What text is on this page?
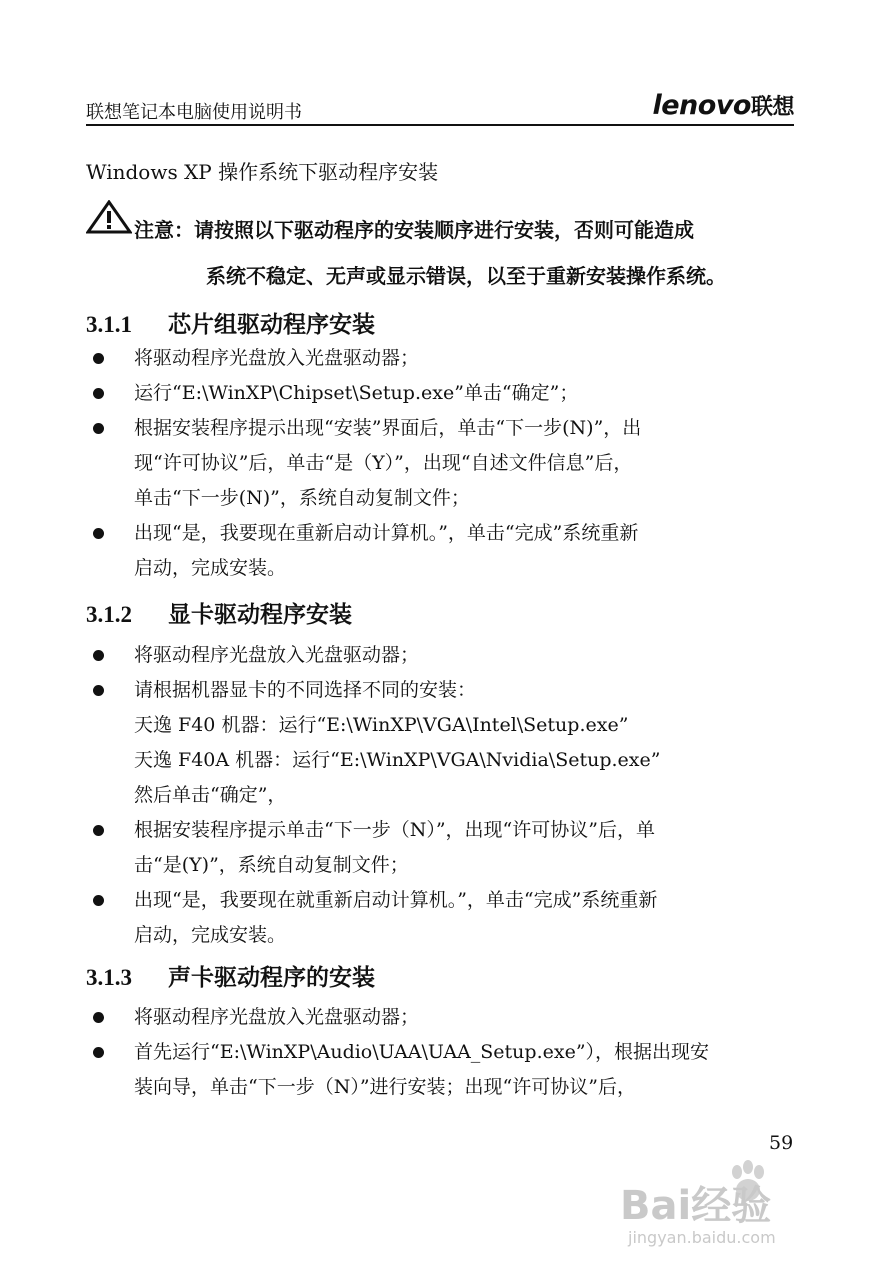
联想笔记本电脑使用说明书	lenovo联想
Windows XP 操作系统下驱动程序安装
注意：请按照以下驱动程序的安装顺序进行安装，否则可能造成
系统不稳定、无声或显示错误，以至于重新安装操作系统。
3.1.1 芯片组驱动程序安装
将驱动程序光盘放入光盘驱动器；
运行“E:\WinXP\Chipset\Setup.exe”单击“确定”；
根据安装程序提示出现“安装”界面后，单击“下一步(N)”，出
现“许可协议”后，单击“是（Y）”，出现“自述文件信息”后，
单击“下一步(N)”，系统自动复制文件；
出现“是，我要现在重新启动计算机。”，单击“完成”系统重新
启动，完成安装。
3.1.2 显卡驱动程序安装
将驱动程序光盘放入光盘驱动器；
请根据机器显卡的不同选择不同的安装：
天逸 F40 机器：运行“E:\WinXP\VGA\Intel\Setup.exe”
天逸 F40A 机器：运行“E:\WinXP\VGA\Nvidia\Setup.exe”
然后单击“确定”，
根据安装程序提示单击“下一步（N）”，出现“许可协议”后，单
击“是(Y)”，系统自动复制文件；
出现“是，我要现在就重新启动计算机。”，单击“完成”系统重新
启动，完成安装。
3.1.3 声卡驱动程序的安装
将驱动程序光盘放入光盘驱动器；
首先运行“E:\WinXP\Audio\UAA\UAA_Setup.exe”），根据出现安
装向导，单击“下一步（N）”进行安装；出现“许可协议”后，
59
Bai经验
jingyan.baidu.com
